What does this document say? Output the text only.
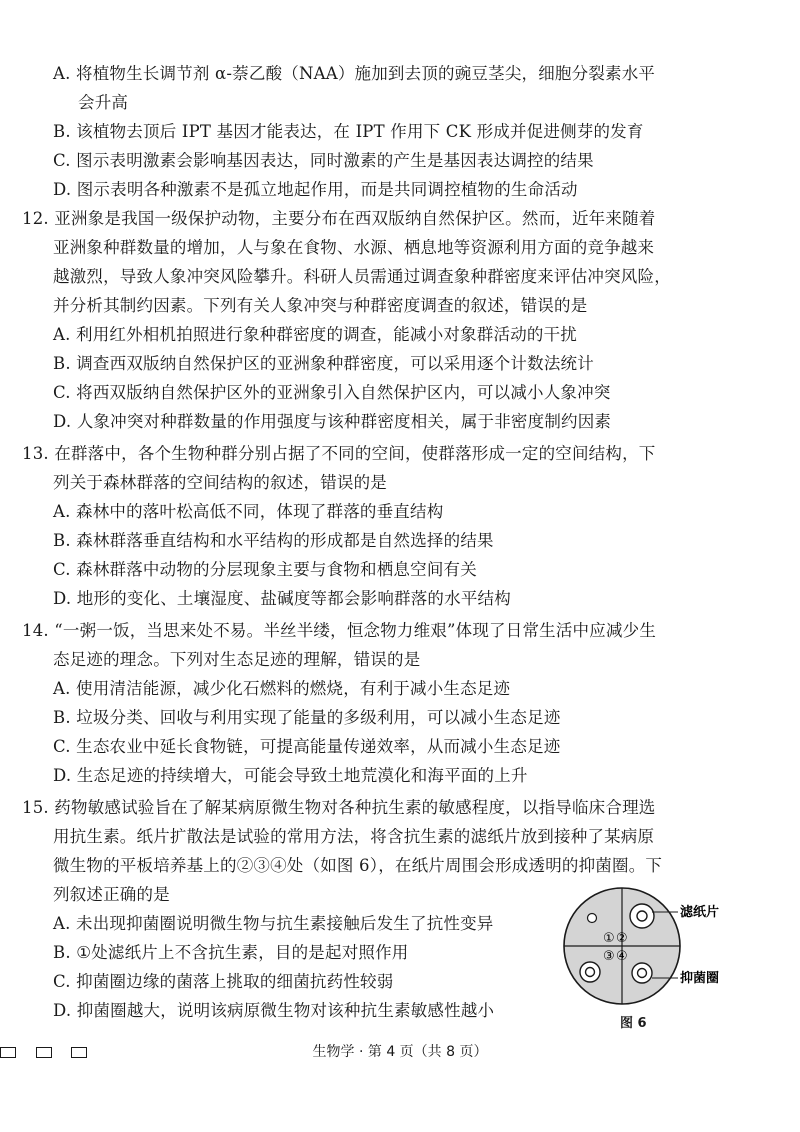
A. 将植物生长调节剂 α-萘乙酸（NAA）施加到去顶的豌豆茎尖，细胞分裂素水平
会升高
B. 该植物去顶后 IPT 基因才能表达，在 IPT 作用下 CK 形成并促进侧芽的发育
C. 图示表明激素会影响基因表达，同时激素的产生是基因表达调控的结果
D. 图示表明各种激素不是孤立地起作用，而是共同调控植物的生命活动
12. 亚洲象是我国一级保护动物，主要分布在西双版纳自然保护区。然而，近年来随着
亚洲象种群数量的增加，人与象在食物、水源、栖息地等资源利用方面的竞争越来
越激烈，导致人象冲突风险攀升。科研人员需通过调查象种群密度来评估冲突风险，
并分析其制约因素。下列有关人象冲突与种群密度调查的叙述，错误的是
A. 利用红外相机拍照进行象种群密度的调查，能减小对象群活动的干扰
B. 调查西双版纳自然保护区的亚洲象种群密度，可以采用逐个计数法统计
C. 将西双版纳自然保护区外的亚洲象引入自然保护区内，可以减小人象冲突
D. 人象冲突对种群数量的作用强度与该种群密度相关，属于非密度制约因素
13. 在群落中，各个生物种群分别占据了不同的空间，使群落形成一定的空间结构，下
列关于森林群落的空间结构的叙述，错误的是
A. 森林中的落叶松高低不同，体现了群落的垂直结构
B. 森林群落垂直结构和水平结构的形成都是自然选择的结果
C. 森林群落中动物的分层现象主要与食物和栖息空间有关
D. 地形的变化、土壤湿度、盐碱度等都会影响群落的水平结构
14. “一粥一饭，当思来处不易。半丝半缕，恒念物力维艰”体现了日常生活中应减少生
态足迹的理念。下列对生态足迹的理解，错误的是
A. 使用清洁能源，减少化石燃料的燃烧，有利于减小生态足迹
B. 垃圾分类、回收与利用实现了能量的多级利用，可以减小生态足迹
C. 生态农业中延长食物链，可提高能量传递效率，从而减小生态足迹
D. 生态足迹的持续增大，可能会导致土地荒漠化和海平面的上升
15. 药物敏感试验旨在了解某病原微生物对各种抗生素的敏感程度，以指导临床合理选
用抗生素。纸片扩散法是试验的常用方法，将含抗生素的滤纸片放到接种了某病原
微生物的平板培养基上的②③④处（如图 6），在纸片周围会形成透明的抑菌圈。下
列叙述正确的是
A. 未出现抑菌圈说明微生物与抗生素接触后发生了抗性变异
B. ①处滤纸片上不含抗生素，目的是起对照作用
C. 抑菌圈边缘的菌落上挑取的细菌抗药性较弱
D. 抑菌圈越大，说明该病原微生物对该种抗生素敏感性越小
① ②
③ ④
滤纸片
抑菌圈
图 6
生物学 · 第 4 页（共 8 页）
